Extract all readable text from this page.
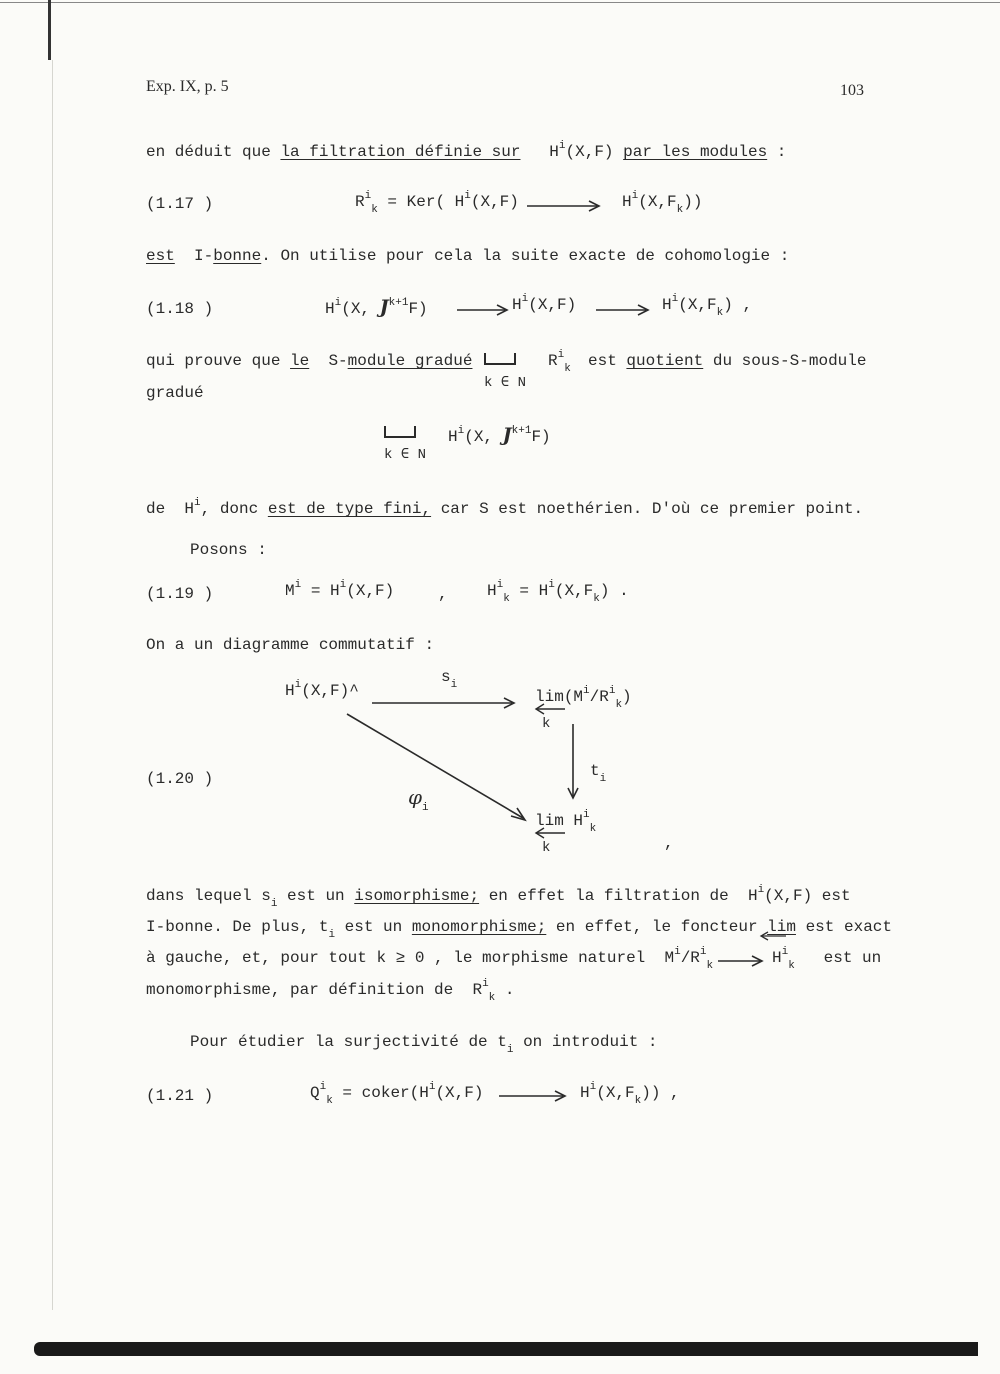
Exp. IX, p. 5	103
en déduit que la filtration définie sur $H^i(X,F)$ par les modules :
(1.17 )	$R^i_k = Ker$( $H^i(X,F)$	$H^i(X,F_k)$)
est I-bonne. On utilise pour cela la suite exacte de cohomologie :
(1.18 )	$H^i(X$, $J^{k+1}F$)	$H^i(X,F)$	$H^i(X,F_k)$ ,
qui prouve que le S-module gradué
k ∈ N
$R^i_k$ est quotient du sous-S-module
gradué
k ∈ N
$H^i(X$, $J^{k+1}F$)
de $H^i$, donc est de type fini, car S est noethérien. D'où ce premier point.
Posons :
(1.19 )	$M^i = H^i(X,F)$	, $H^i_k = H^i(X,F_k)$ .
On a un diagramme commutatif :
(1.20 )
$H^i(X,F)\^{}$
$s_i$
$\lim(M^i/R^i_k)$
k
$t_i$
$\varphi_i$
$\lim H^i_k$
k	,
dans lequel $s_i$ est un isomorphisme; en effet la filtration de $H^i(X,F)$ est
I-bonne. De plus, $t_i$ est un monomorphisme; en effet, le foncteur lim est exact
à gauche, et, pour tout k ≥ 0 , le morphisme naturel $M^i/R^i_k$	$H^i_k$ est un
monomorphisme, par définition de $R^i_k$ .
Pour étudier la surjectivité de $t_i$ on introduit :
(1.21 )	$Q^i_k$ = $coker(H^i(X,F)$	$H^i(X,F_k)$) ,
